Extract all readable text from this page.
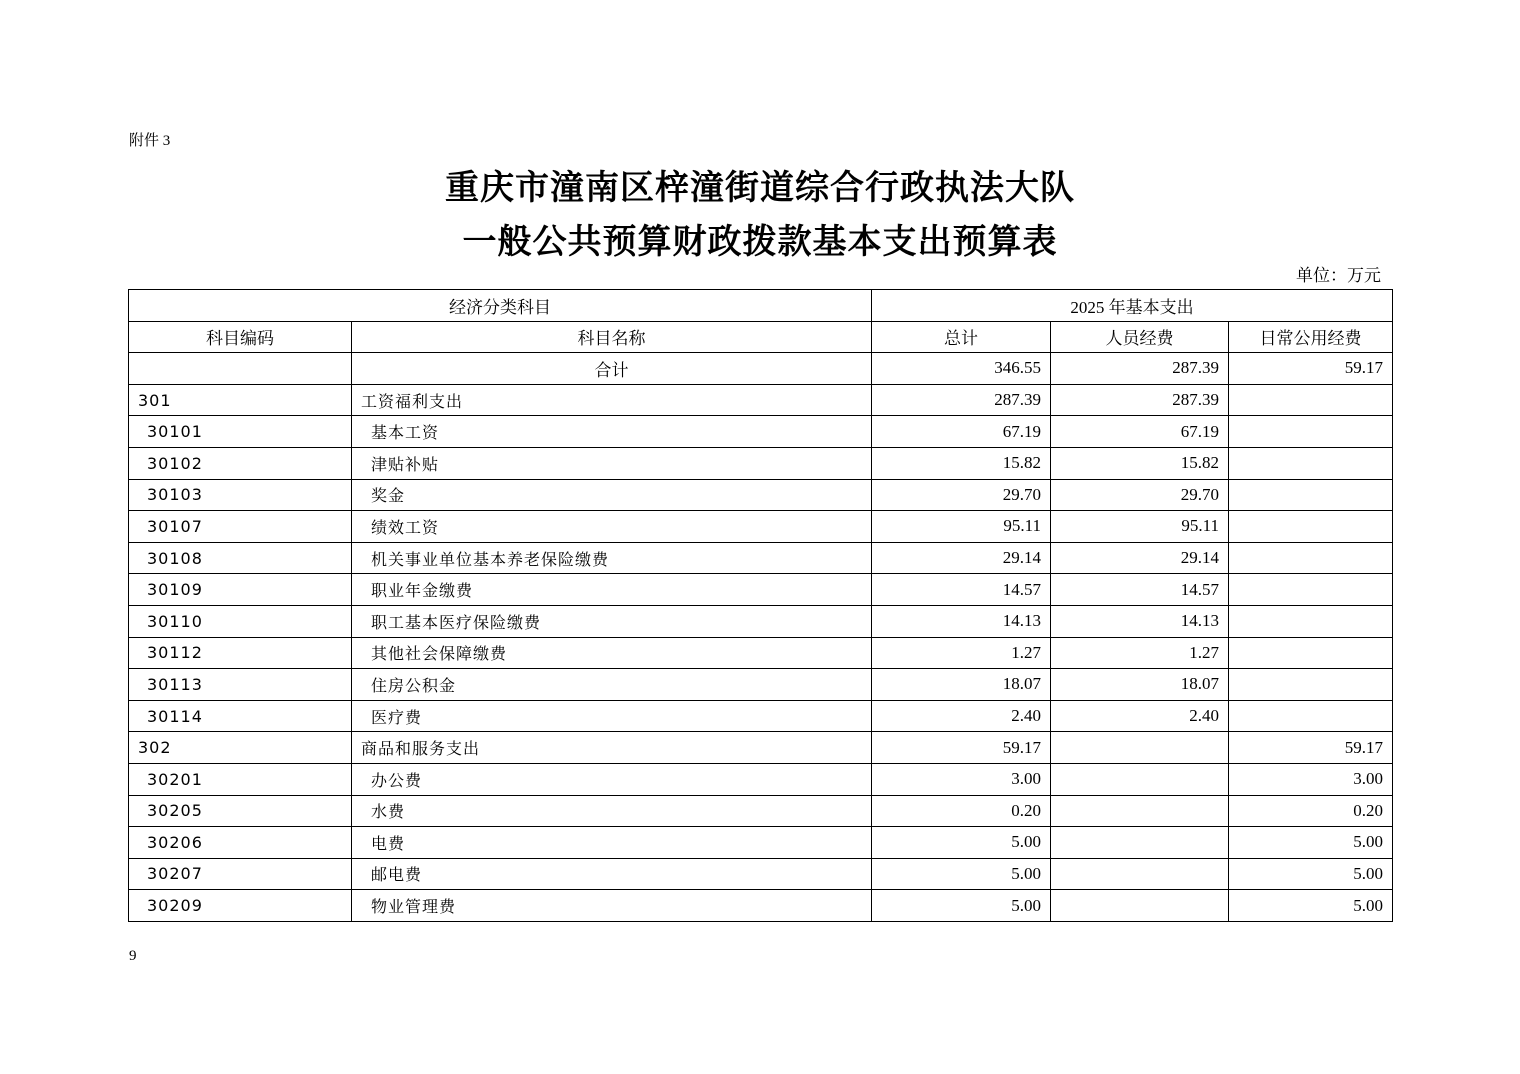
附件 3
重庆市潼南区梓潼街道综合行政执法大队
一般公共预算财政拨款基本支出预算表
单位：万元
经济分类科目		2025 年基本支出		
科目编码	科目名称	总计	人员经费	日常公用经费
	合计	346.55	287.39	59.17
301	工资福利支出	287.39	287.39	
30101	基本工资	67.19	67.19	
30102	津贴补贴	15.82	15.82	
30103	奖金	29.70	29.70	
30107	绩效工资	95.11	95.11	
30108	机关事业单位基本养老保险缴费	29.14	29.14	
30109	职业年金缴费	14.57	14.57	
30110	职工基本医疗保险缴费	14.13	14.13	
30112	其他社会保障缴费	1.27	1.27	
30113	住房公积金	18.07	18.07	
30114	医疗费	2.40	2.40	
302	商品和服务支出	59.17		59.17
30201	办公费	3.00		3.00
30205	水费	0.20		0.20
30206	电费	5.00		5.00
30207	邮电费	5.00		5.00
30209	物业管理费	5.00		5.00
9
